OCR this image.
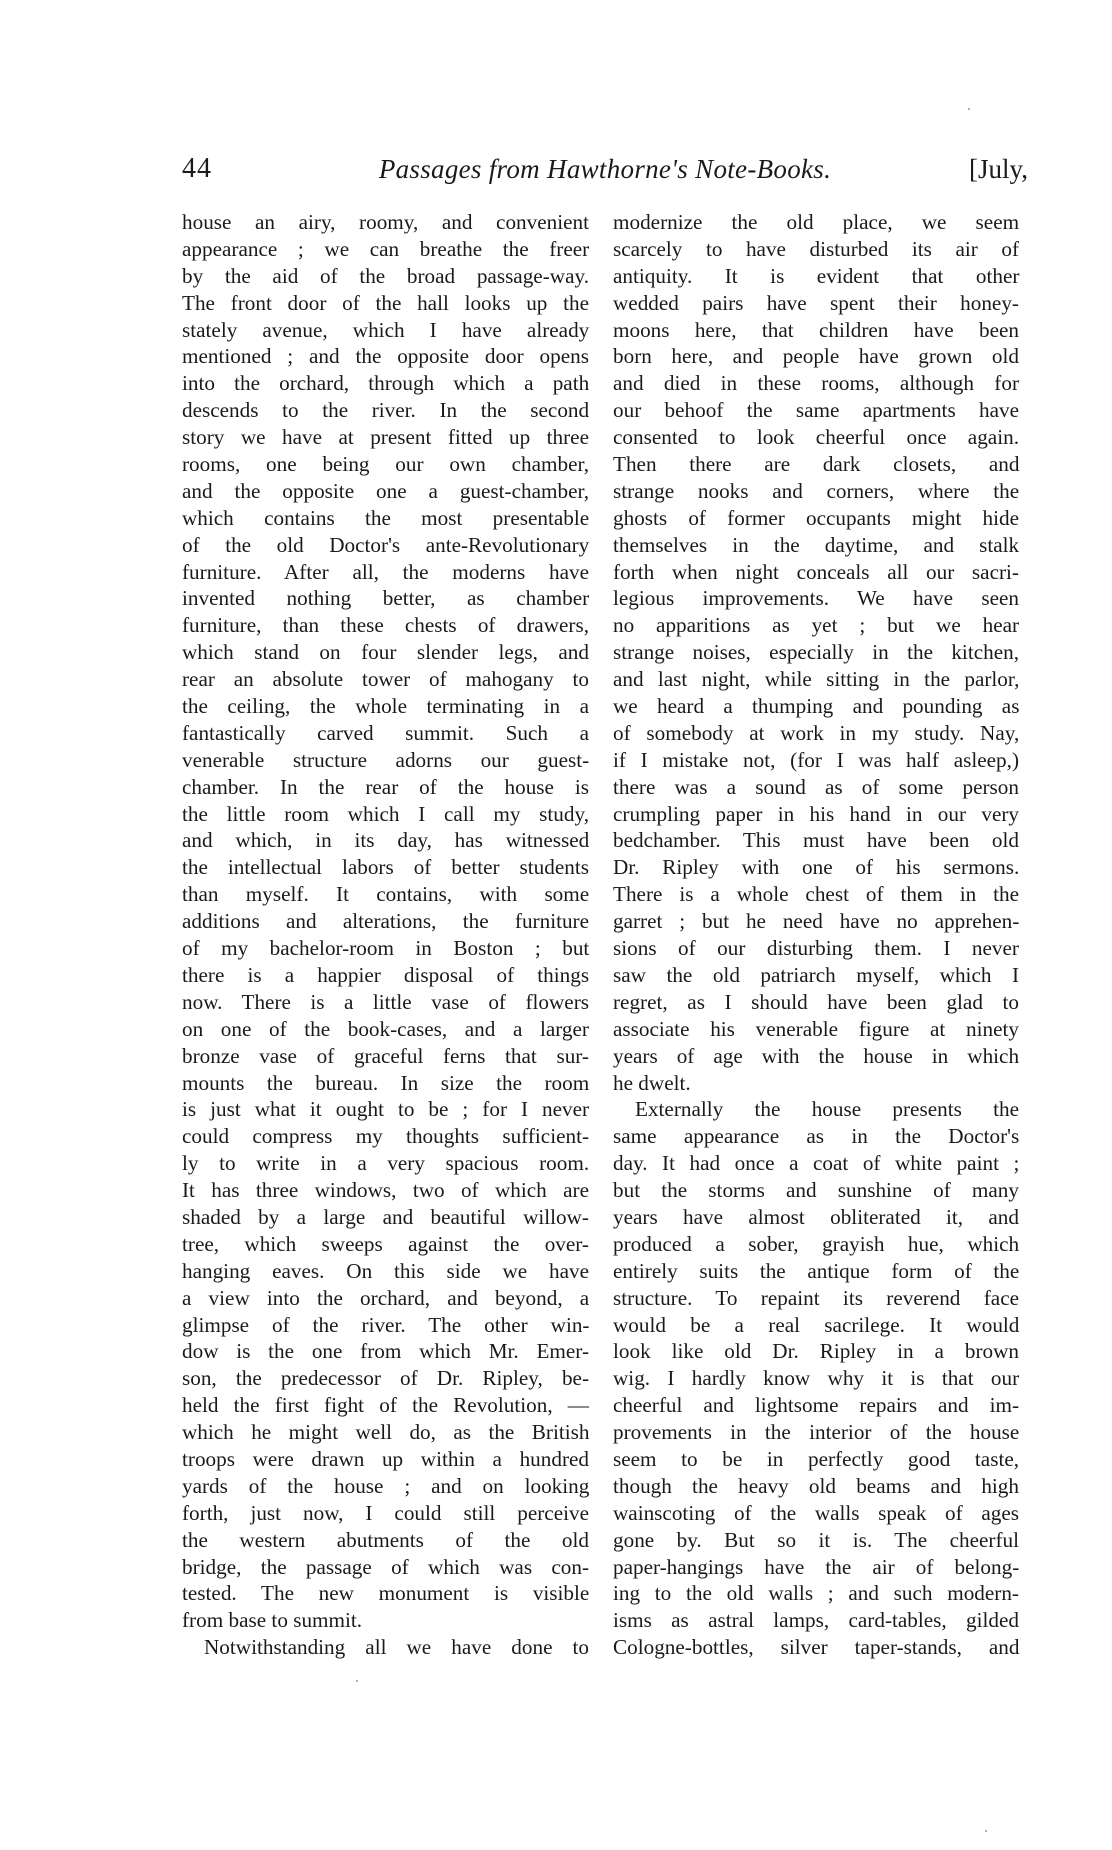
44	Passages from Hawthorne's Note-Books.	[July,
house an airy, roomy, and convenient
appearance ; we can breathe the freer
by the aid of the broad passage-way.
The front door of the hall looks up the
stately avenue, which I have already
mentioned ; and the opposite door opens
into the orchard, through which a path
descends to the river. In the second
story we have at present fitted up three
rooms, one being our own chamber,
and the opposite one a guest-chamber,
which contains the most presentable
of the old Doctor's ante-Revolutionary
furniture. After all, the moderns have
invented nothing better, as chamber
furniture, than these chests of drawers,
which stand on four slender legs, and
rear an absolute tower of mahogany to
the ceiling, the whole terminating in a
fantastically carved summit. Such a
venerable structure adorns our guest-
chamber. In the rear of the house is
the little room which I call my study,
and which, in its day, has witnessed
the intellectual labors of better students
than myself. It contains, with some
additions and alterations, the furniture
of my bachelor-room in Boston ; but
there is a happier disposal of things
now. There is a little vase of flowers
on one of the book-cases, and a larger
bronze vase of graceful ferns that sur-
mounts the bureau. In size the room
is just what it ought to be ; for I never
could compress my thoughts sufficient-
ly to write in a very spacious room.
It has three windows, two of which are
shaded by a large and beautiful willow-
tree, which sweeps against the over-
hanging eaves. On this side we have
a view into the orchard, and beyond, a
glimpse of the river. The other win-
dow is the one from which Mr. Emer-
son, the predecessor of Dr. Ripley, be-
held the first fight of the Revolution, —
which he might well do, as the British
troops were drawn up within a hundred
yards of the house ; and on looking
forth, just now, I could still perceive
the western abutments of the old
bridge, the passage of which was con-
tested. The new monument is visible
from base to summit.
Notwithstanding all we have done to
modernize the old place, we seem
scarcely to have disturbed its air of
antiquity. It is evident that other
wedded pairs have spent their honey-
moons here, that children have been
born here, and people have grown old
and died in these rooms, although for
our behoof the same apartments have
consented to look cheerful once again.
Then there are dark closets, and
strange nooks and corners, where the
ghosts of former occupants might hide
themselves in the daytime, and stalk
forth when night conceals all our sacri-
legious improvements. We have seen
no apparitions as yet ; but we hear
strange noises, especially in the kitchen,
and last night, while sitting in the parlor,
we heard a thumping and pounding as
of somebody at work in my study. Nay,
if I mistake not, (for I was half asleep,)
there was a sound as of some person
crumpling paper in his hand in our very
bedchamber. This must have been old
Dr. Ripley with one of his sermons.
There is a whole chest of them in the
garret ; but he need have no apprehen-
sions of our disturbing them. I never
saw the old patriarch myself, which I
regret, as I should have been glad to
associate his venerable figure at ninety
years of age with the house in which
he dwelt.
Externally the house presents the
same appearance as in the Doctor's
day. It had once a coat of white paint ;
but the storms and sunshine of many
years have almost obliterated it, and
produced a sober, grayish hue, which
entirely suits the antique form of the
structure. To repaint its reverend face
would be a real sacrilege. It would
look like old Dr. Ripley in a brown
wig. I hardly know why it is that our
cheerful and lightsome repairs and im-
provements in the interior of the house
seem to be in perfectly good taste,
though the heavy old beams and high
wainscoting of the walls speak of ages
gone by. But so it is. The cheerful
paper-hangings have the air of belong-
ing to the old walls ; and such modern-
isms as astral lamps, card-tables, gilded
Cologne-bottles, silver taper-stands, and
